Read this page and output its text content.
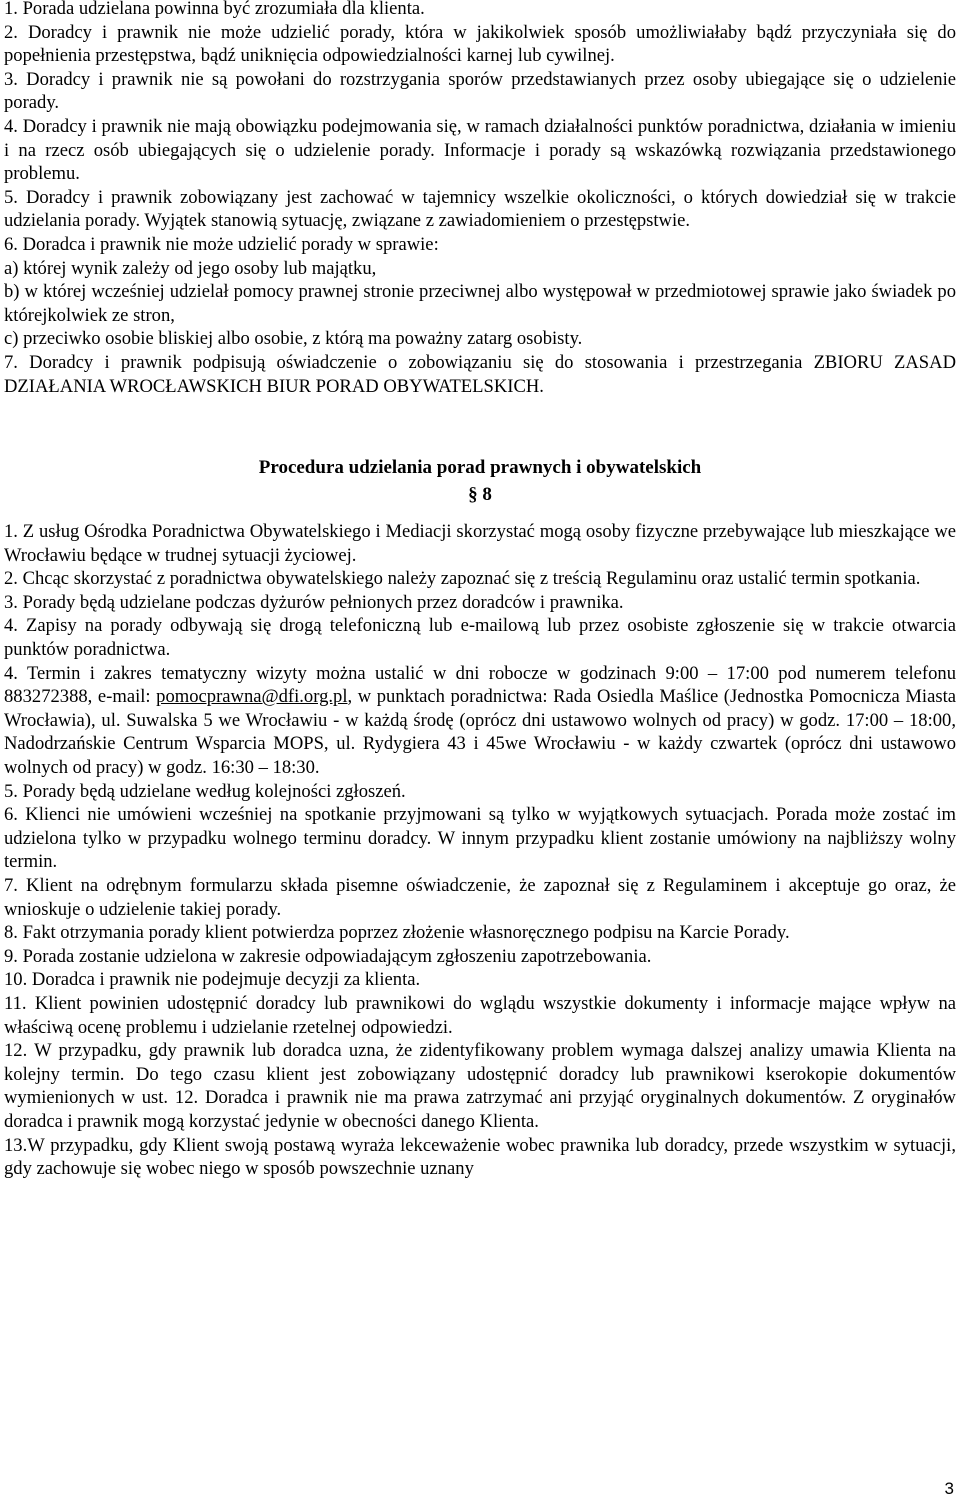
1. Porada udzielana powinna być zrozumiała dla klienta.

2. Doradcy i prawnik nie może udzielić porady, która w jakikolwiek sposób umożliwiałaby bądź przyczyniała się do popełnienia przestępstwa, bądź uniknięcia odpowiedzialności karnej lub cywilnej.

3. Doradcy i prawnik nie są powołani do rozstrzygania sporów przedstawianych przez osoby ubiegające się o udzielenie porady.

4. Doradcy i prawnik nie mają obowiązku podejmowania się, w ramach działalności punktów poradnictwa, działania w imieniu i na rzecz osób ubiegających się o udzielenie porady. Informacje i porady są wskazówką rozwiązania przedstawionego problemu.

5. Doradcy i prawnik zobowiązany jest zachować w tajemnicy wszelkie okoliczności, o których dowiedział się w trakcie udzielania porady. Wyjątek stanowią sytuację, związane z zawiadomieniem o przestępstwie.

6. Doradca i prawnik nie może udzielić porady w sprawie:

a) której wynik zależy od jego osoby lub majątku,

b) w której wcześniej udzielał pomocy prawnej stronie przeciwnej albo występował w przedmiotowej sprawie jako świadek po którejkolwiek ze stron,

c) przeciwko osobie bliskiej albo osobie, z którą ma poważny zatarg osobisty.

7. Doradcy i prawnik podpisują oświadczenie o zobowiązaniu się do stosowania i przestrzegania ZBIORU ZASAD DZIAŁANIA WROCŁAWSKICH BIUR PORAD OBYWATELSKICH.

Procedura udzielania porad prawnych i obywatelskich

§ 8

1. Z usług Ośrodka Poradnictwa Obywatelskiego i Mediacji skorzystać mogą osoby fizyczne przebywające lub mieszkające we Wrocławiu będące w trudnej sytuacji życiowej.

2. Chcąc skorzystać z poradnictwa obywatelskiego należy zapoznać się z treścią Regulaminu oraz ustalić termin spotkania.

3. Porady będą udzielane podczas dyżurów pełnionych przez doradców i prawnika.

4. Zapisy na porady odbywają się drogą telefoniczną lub e-mailową lub przez osobiste zgłoszenie się w trakcie otwarcia punktów poradnictwa.

4. Termin i zakres tematyczny wizyty można ustalić w dni robocze w godzinach 9:00 – 17:00 pod numerem telefonu 883272388, e-mail: pomocprawna@dfi.org.pl, w punktach poradnictwa: Rada Osiedla Maślice (Jednostka Pomocnicza Miasta Wrocławia), ul. Suwalska 5 we Wrocławiu - w każdą środę (oprócz dni ustawowo wolnych od pracy) w godz. 17:00 – 18:00, Nadodrzańskie Centrum Wsparcia MOPS, ul. Rydygiera 43 i 45we Wrocławiu - w każdy czwartek (oprócz dni ustawowo wolnych od pracy) w godz. 16:30 – 18:30.

5. Porady będą udzielane według kolejności zgłoszeń.

6. Klienci nie umówieni wcześniej na spotkanie przyjmowani są tylko w wyjątkowych sytuacjach. Porada może zostać im udzielona tylko w przypadku wolnego terminu doradcy. W innym przypadku klient zostanie umówiony na najbliższy wolny termin.

7. Klient na odrębnym formularzu składa pisemne oświadczenie, że zapoznał się z Regulaminem i akceptuje go oraz, że wnioskuje o udzielenie takiej porady.

8. Fakt otrzymania porady klient potwierdza poprzez złożenie własnoręcznego podpisu na Karcie Porady.

9. Porada zostanie udzielona w zakresie odpowiadającym zgłoszeniu zapotrzebowania.

10. Doradca i prawnik nie podejmuje decyzji za klienta.

11. Klient powinien udostępnić doradcy lub prawnikowi do wglądu wszystkie dokumenty i informacje mające wpływ na właściwą ocenę problemu i udzielanie rzetelnej odpowiedzi.

12. W przypadku, gdy prawnik lub doradca uzna, że zidentyfikowany problem wymaga dalszej analizy umawia Klienta na kolejny termin. Do tego czasu klient jest zobowiązany udostępnić doradcy lub prawnikowi kserokopie dokumentów wymienionych w ust. 12. Doradca i prawnik nie ma prawa zatrzymać ani przyjąć oryginalnych dokumentów. Z oryginałów doradca i prawnik mogą korzystać jedynie w obecności danego Klienta.

13.W przypadku, gdy Klient swoją postawą wyraża lekceważenie wobec prawnika lub doradcy, przede wszystkim w sytuacji, gdy zachowuje się wobec niego w sposób powszechnie uznany

3
